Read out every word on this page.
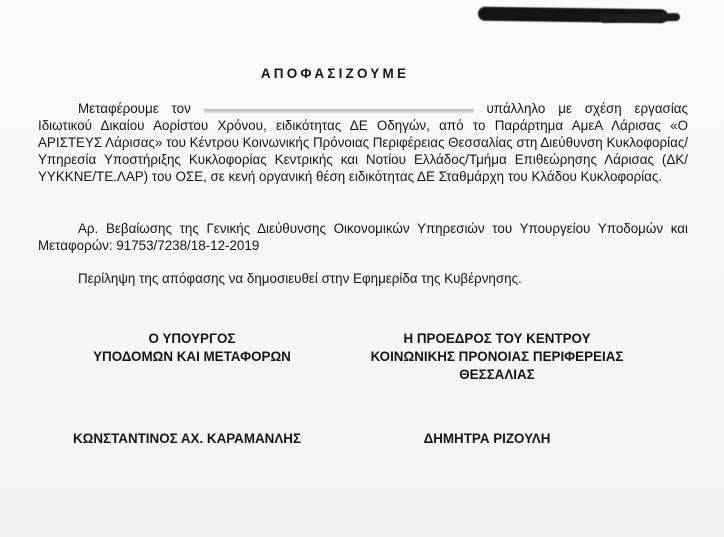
ΑΠΟΦΑΣΙΖΟΥΜΕ

Μεταφέρουμε τον	υπάλληλο με σχέση εργασίας Ιδιωτικού Δικαίου Αορίστου Χρόνου, ειδικότητας ΔΕ Οδηγών, από το Παράρτημα ΑμεΑ Λάρισας «Ο ΑΡΙΣΤΕΥΣ Λάρισας» του Κέντρου Κοινωνικής Πρόνοιας Περιφέρειας Θεσσαλίας στη Διεύθυνση Κυκλοφορίας/Υπηρεσία Υποστήριξης Κυκλοφορίας Κεντρικής και Νοτίου Ελλάδος/Τμήμα Επιθεώρησης Λάρισας (ΔΚ/ΥΥΚΚΝΕ/ΤΕ.ΛΑΡ) του ΟΣΕ, σε κενή οργανική θέση ειδικότητας ΔΕ Σταθμάρχη του Κλάδου Κυκλοφορίας.

Αρ. Βεβαίωσης της Γενικής Διεύθυνσης Οικονομικών Υπηρεσιών του Υπουργείου Υποδομών και Μεταφορών: 91753/7238/18-12-2019

Περίληψη της απόφασης να δημοσιευθεί στην Εφημερίδα της Κυβέρνησης.

Ο ΥΠΟΥΡΓΟΣ
ΥΠΟΔΟΜΩΝ ΚΑΙ ΜΕΤΑΦΟΡΩΝ
Η ΠΡΟΕΔΡΟΣ ΤΟΥ ΚΕΝΤΡΟΥ
ΚΟΙΝΩΝΙΚΗΣ ΠΡΟΝΟΙΑΣ ΠΕΡΙΦΕΡΕΙΑΣ
ΘΕΣΣΑΛΙΑΣ
ΚΩΝΣΤΑΝΤΙΝΟΣ ΑΧ. ΚΑΡΑΜΑΝΛΗΣ	ΔΗΜΗΤΡΑ ΡΙΖΟΥΛΗ
